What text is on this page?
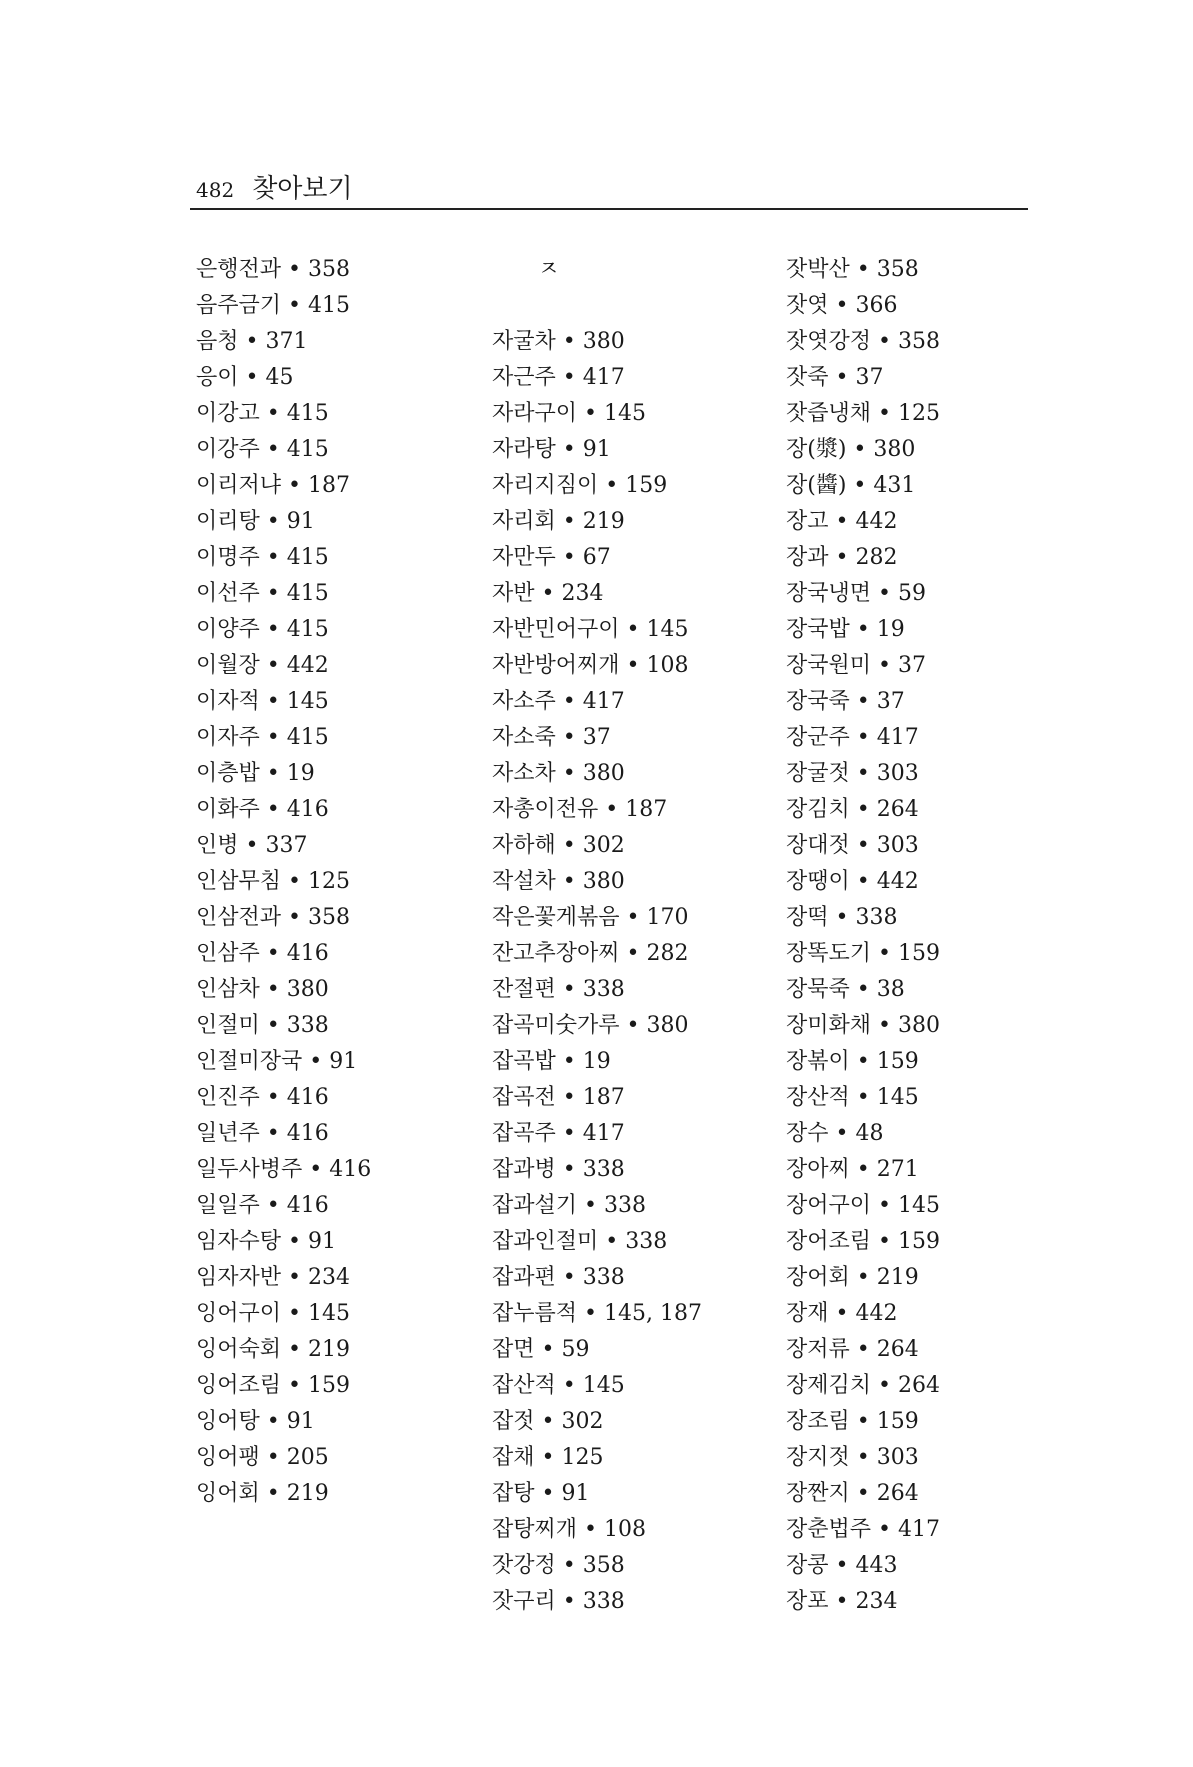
482 찾아보기
은행전과 • 358
음주금기 • 415
음청 • 371
응이 • 45
이강고 • 415
이강주 • 415
이리저냐 • 187
이리탕 • 91
이명주 • 415
이선주 • 415
이양주 • 415
이월장 • 442
이자적 • 145
이자주 • 415
이층밥 • 19
이화주 • 416
인병 • 337
인삼무침 • 125
인삼전과 • 358
인삼주 • 416
인삼차 • 380
인절미 • 338
인절미장국 • 91
인진주 • 416
일년주 • 416
일두사병주 • 416
일일주 • 416
임자수탕 • 91
임자자반 • 234
잉어구이 • 145
잉어숙회 • 219
잉어조림 • 159
잉어탕 • 91
잉어팽 • 205
잉어회 • 219
ㅈ
자굴차 • 380
자근주 • 417
자라구이 • 145
자라탕 • 91
자리지짐이 • 159
자리회 • 219
자만두 • 67
자반 • 234
자반민어구이 • 145
자반방어찌개 • 108
자소주 • 417
자소죽 • 37
자소차 • 380
자총이전유 • 187
자하해 • 302
작설차 • 380
작은꽃게볶음 • 170
잔고추장아찌 • 282
잔절편 • 338
잡곡미숫가루 • 380
잡곡밥 • 19
잡곡전 • 187
잡곡주 • 417
잡과병 • 338
잡과설기 • 338
잡과인절미 • 338
잡과편 • 338
잡누름적 • 145, 187
잡면 • 59
잡산적 • 145
잡젓 • 302
잡채 • 125
잡탕 • 91
잡탕찌개 • 108
잣강정 • 358
잣구리 • 338
잣박산 • 358
잣엿 • 366
잣엿강정 • 358
잣죽 • 37
잣즙냉채 • 125
장(漿) • 380
장(醬) • 431
장고 • 442
장과 • 282
장국냉면 • 59
장국밥 • 19
장국원미 • 37
장국죽 • 37
장군주 • 417
장굴젓 • 303
장김치 • 264
장대젓 • 303
장땡이 • 442
장떡 • 338
장똑도기 • 159
장묵죽 • 38
장미화채 • 380
장볶이 • 159
장산적 • 145
장수 • 48
장아찌 • 271
장어구이 • 145
장어조림 • 159
장어회 • 219
장재 • 442
장저류 • 264
장제김치 • 264
장조림 • 159
장지젓 • 303
장짠지 • 264
장춘법주 • 417
장콩 • 443
장포 • 234
